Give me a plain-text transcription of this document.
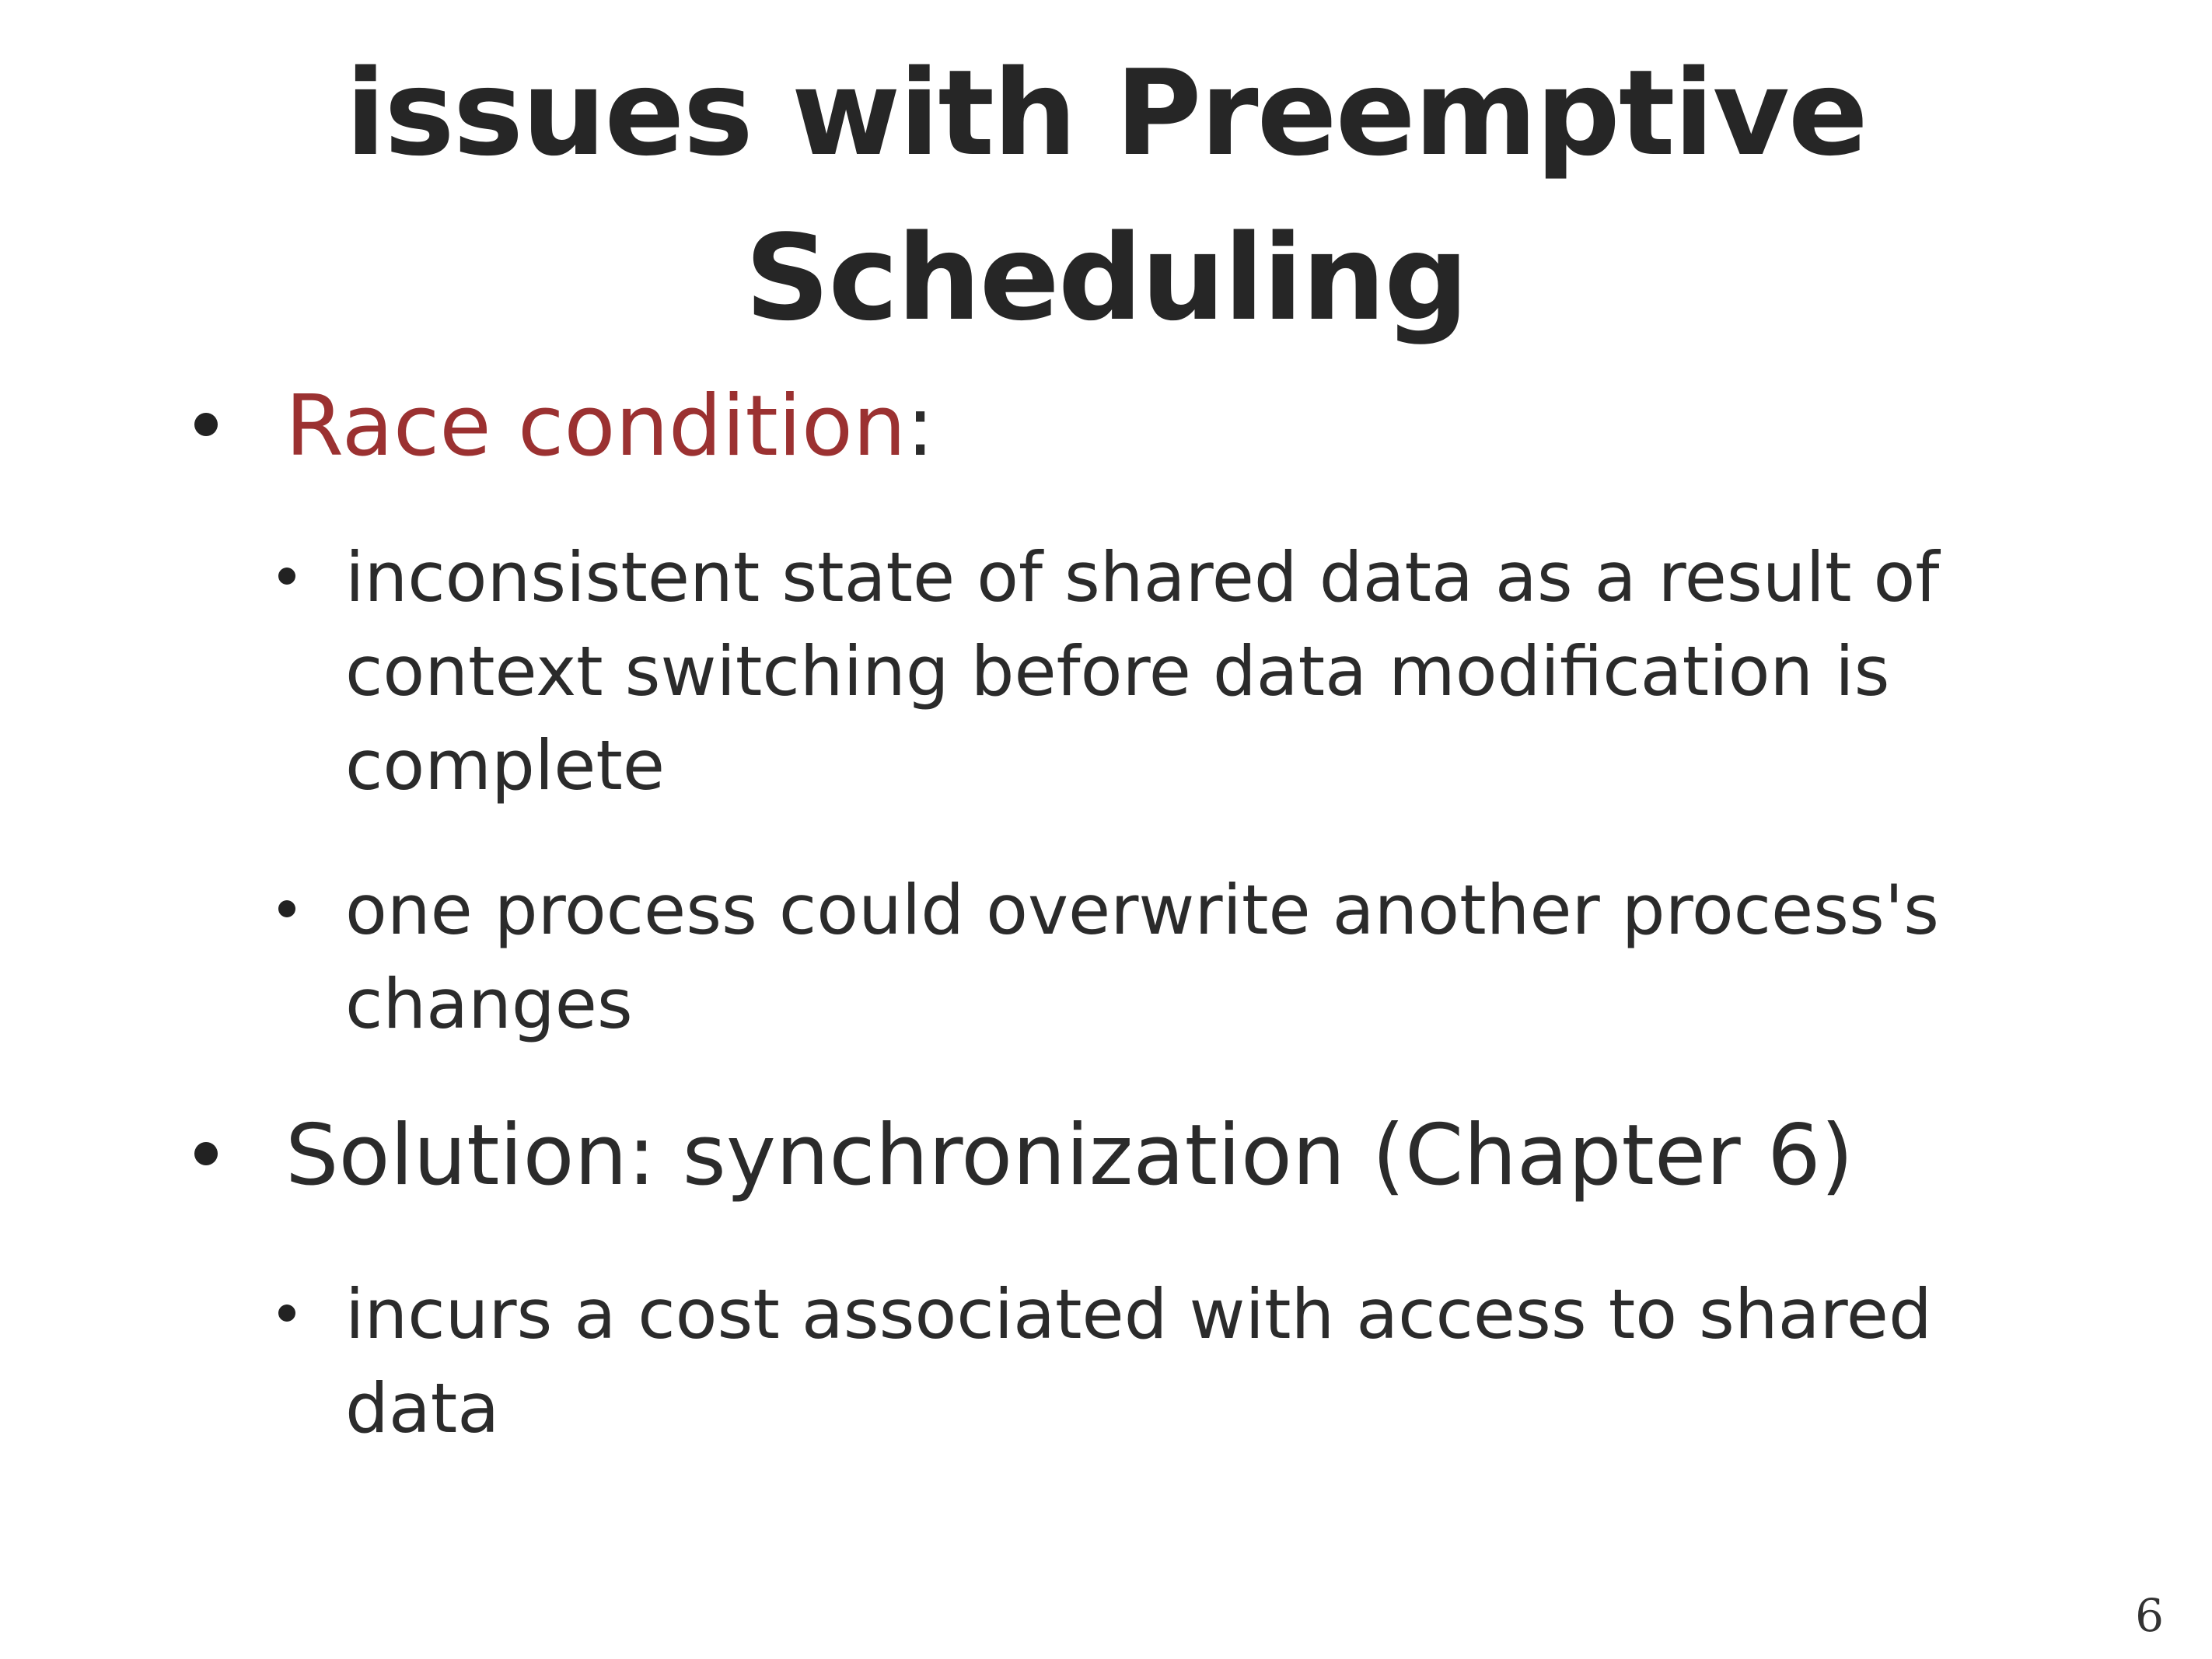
issues with Preemptive
Scheduling
Race condition:
inconsistent state of shared data as a result of
context switching before data modification is
complete
one process could overwrite another process's
changes
Solution: synchronization (Chapter 6)
incurs a cost associated with access to shared
data
6
